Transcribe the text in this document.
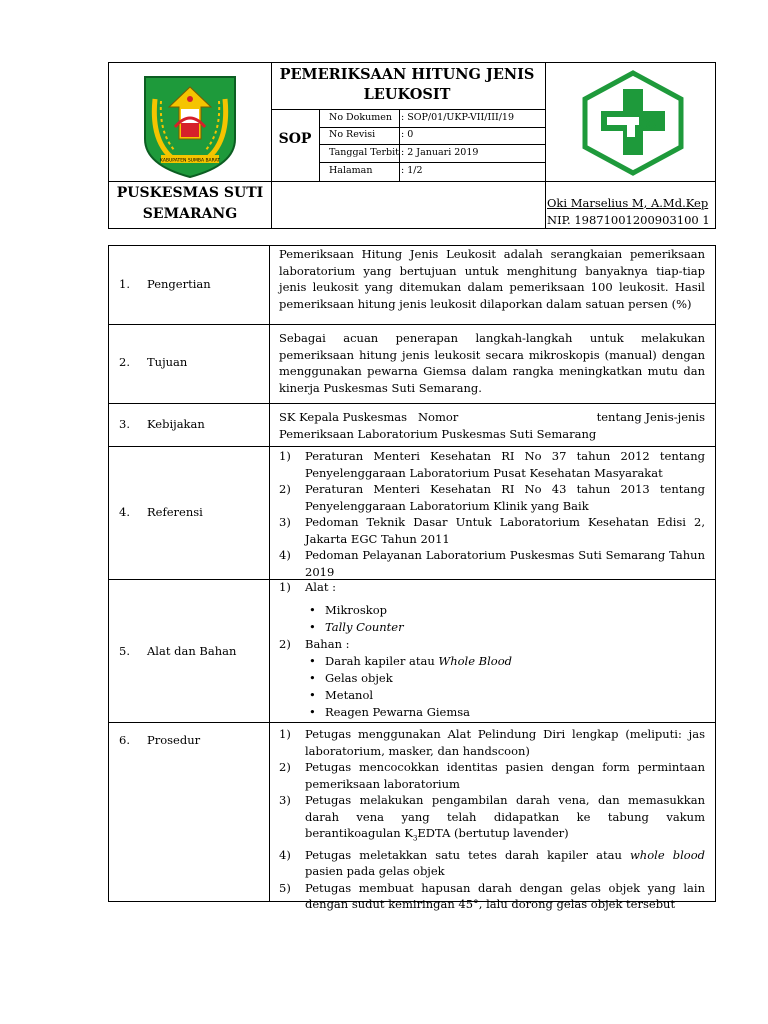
KABUPATEN SUMBA BARAT
PEMERIKSAAN HITUNG JENIS LEUKOSIT
SOP
No Dokumen : SOP/01/UKP-VII/III/19
No Revisi	: 0
Tanggal Terbit : 2 Januari 2019
Halaman	: 1/2
PUSKESMAS SUTI
SEMARANG
Oki Marselius M, A.Md.Kep
NIP. 19871001200903100 1
1. Pengertian
Pemeriksaan Hitung Jenis Leukosit adalah serangkaian pemeriksaan laboratorium yang bertujuan untuk menghitung banyaknya tiap-tiap jenis leukosit yang ditemukan dalam pemeriksaan 100 leukosit. Hasil pemeriksaan hitung jenis leukosit dilaporkan dalam satuan persen (%)
2. Tujuan
Sebagai acuan penerapan langkah-langkah untuk melakukan pemeriksaan hitung jenis leukosit secara mikroskopis (manual) dengan menggunakan pewarna Giemsa dalam rangka meningkatkan mutu dan kinerja Puskesmas Suti Semarang.
3. Kebijakan	SK Kepala Puskesmas   Nomor	tentang Jenis-jenis
Pemeriksaan Laboratorium Puskesmas Suti Semarang
4. Referensi
1) Peraturan Menteri Kesehatan RI No 37 tahun 2012 tentang Penyelenggaraan Laboratorium Pusat Kesehatan Masyarakat
2) Peraturan Menteri Kesehatan RI No 43 tahun 2013 tentang Penyelenggaraan Laboratorium Klinik yang Baik
3) Pedoman Teknik Dasar Untuk Laboratorium Kesehatan Edisi 2, Jakarta EGC Tahun 2011
4) Pedoman Pelayanan Laboratorium Puskesmas Suti Semarang Tahun 2019
5. Alat dan Bahan
1) Alat :
• Mikroskop
• Tally Counter
2) Bahan :
• Darah kapiler atau Whole Blood
• Gelas objek
• Metanol
• Reagen Pewarna Giemsa
6. Prosedur	1) Petugas menggunakan Alat Pelindung Diri lengkap (meliputi: jas laboratorium, masker, dan handscoon)
2) Petugas mencocokkan identitas pasien dengan form permintaan pemeriksaan laboratorium
3) Petugas melakukan pengambilan darah vena, dan memasukkan darah vena yang telah didapatkan ke tabung vakum berantikoagulan $K_3EDTA$ (bertutup lavender)
4) Petugas meletakkan satu tetes darah kapiler atau whole blood pasien pada gelas objek
5) Petugas membuat hapusan darah dengan gelas objek yang lain dengan sudut kemiringan 45°, lalu dorong gelas objek tersebut
